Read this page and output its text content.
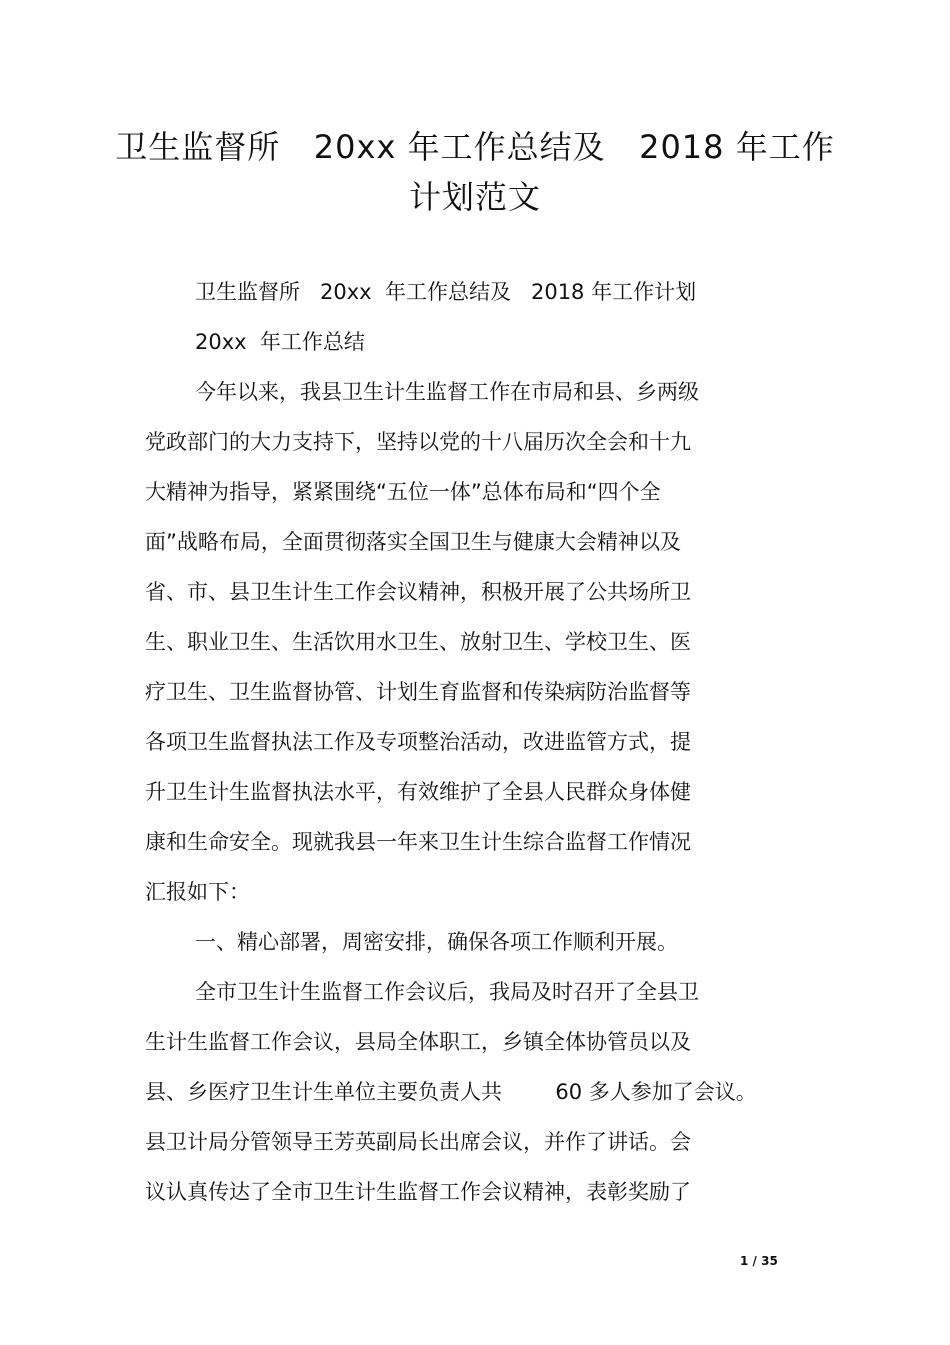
卫生监督所   20xx 年工作总结及   2018 年工作
计划范文

卫生监督所   20xx  年工作总结及   2018 年工作计划

20xx  年工作总结

今年以来，我县卫生计生监督工作在市局和县、乡两级

党政部门的大力支持下，坚持以党的十八届历次全会和十九

大精神为指导，紧紧围绕“五位一体”总体布局和“四个全

面”战略布局，全面贯彻落实全国卫生与健康大会精神以及

省、市、县卫生计生工作会议精神，积极开展了公共场所卫

生、职业卫生、生活饮用水卫生、放射卫生、学校卫生、医

疗卫生、卫生监督协管、计划生育监督和传染病防治监督等

各项卫生监督执法工作及专项整治活动，改进监管方式，提

升卫生计生监督执法水平，有效维护了全县人民群众身体健

康和生命安全。现就我县一年来卫生计生综合监督工作情况

汇报如下：

一、精心部署，周密安排，确保各项工作顺利开展。

全市卫生计生监督工作会议后，我局及时召开了全县卫

生计生监督工作会议，县局全体职工，乡镇全体协管员以及

县、乡医疗卫生计生单位主要负责人共        60 多人参加了会议。

县卫计局分管领导王芳英副局长出席会议，并作了讲话。会

议认真传达了全市卫生计生监督工作会议精神，表彰奖励了

1 / 35
